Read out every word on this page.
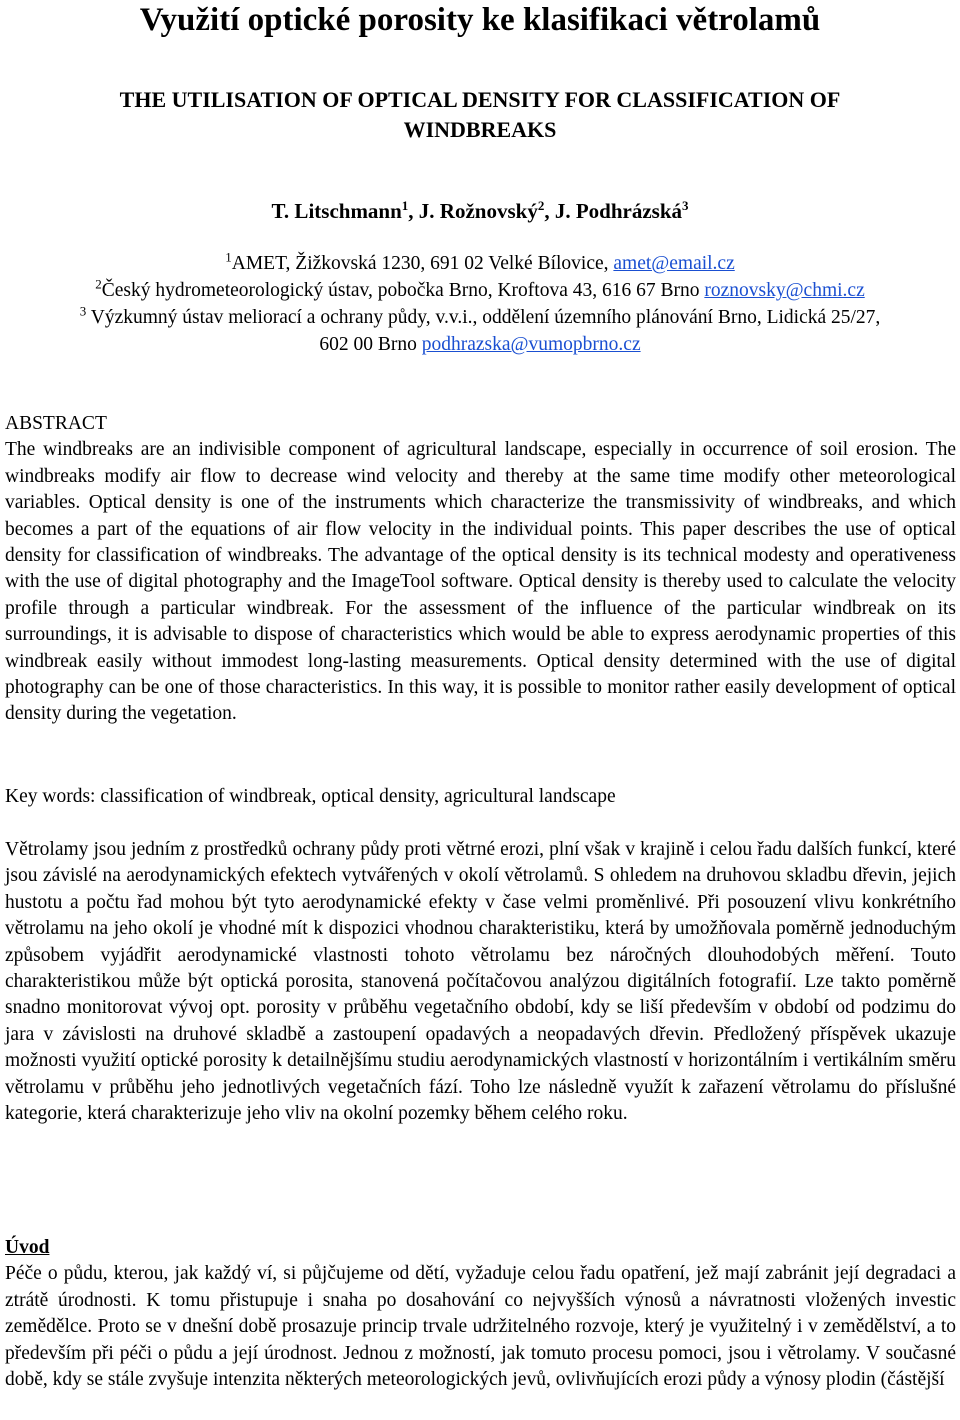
Využití optické porosity ke klasifikaci větrolamů
THE UTILISATION OF OPTICAL DENSITY FOR CLASSIFICATION OF
WINDBREAKS
T. Litschmann$^1$, J. Rožnovský$^2$, J. Podhrázská$^3$
$^1$AMET, Žižkovská 1230, 691 02 Velké Bílovice, amet@email.cz
$^2$Český hydrometeorologický ústav, pobočka Brno, Kroftova 43, 616 67 Brno roznovsky@chmi.cz
$^3$ Výzkumný ústav meliorací a ochrany půdy, v.v.i., oddělení územního plánování Brno, Lidická 25/27,
602 00 Brno podhrazska@vumopbrno.cz
ABSTRACT
The windbreaks are an indivisible component of agricultural landscape, especially in occurrence of soil erosion. The windbreaks modify air flow to decrease wind velocity and thereby at the same time modify other meteorological variables. Optical density is one of the instruments which characterize the transmissivity of windbreaks, and which becomes a part of the equations of air flow velocity in the individual points. This paper describes the use of optical density for classification of windbreaks. The advantage of the optical density is its technical modesty and operativeness with the use of digital photography and the ImageTool software. Optical density is thereby used to calculate the velocity profile through a particular windbreak. For the assessment of the influence of the particular windbreak on its surroundings, it is advisable to dispose of characteristics which would be able to express aerodynamic properties of this windbreak easily without immodest long-lasting measurements. Optical density determined with the use of digital photography can be one of those characteristics. In this way, it is possible to monitor rather easily development of optical density during the vegetation.
Key words: classification of windbreak, optical density, agricultural landscape
Větrolamy jsou jedním z prostředků ochrany půdy proti větrné erozi, plní však v krajině i celou řadu dalších funkcí, které jsou závislé na aerodynamických efektech vytvářených v okolí větrolamů. S ohledem na druhovou skladbu dřevin, jejich hustotu a počtu řad mohou být tyto aerodynamické efekty v čase velmi proměnlivé. Při posouzení vlivu konkrétního větrolamu na jeho okolí je vhodné mít k dispozici vhodnou charakteristiku, která by umožňovala poměrně jednoduchým způsobem vyjádřit aerodynamické vlastnosti tohoto větrolamu bez náročných dlouhodobých měření. Touto charakteristikou může být optická porosita, stanovená počítačovou analýzou digitálních fotografií. Lze takto poměrně snadno monitorovat vývoj opt. porosity v průběhu vegetačního období, kdy se liší především v období od podzimu do jara v závislosti na druhové skladbě a zastoupení opadavých a neopadavých dřevin. Předložený příspěvek ukazuje možnosti využití optické porosity k detailnějšímu studiu aerodynamických vlastností v horizontálním i vertikálním směru větrolamu v průběhu jeho jednotlivých vegetačních fází. Toho lze následně využít k zařazení větrolamu do příslušné kategorie, která charakterizuje jeho vliv na okolní pozemky během celého roku.
Úvod
Péče o půdu, kterou, jak každý ví, si půjčujeme od dětí, vyžaduje celou řadu opatření, jež mají zabránit její degradaci a ztrátě úrodnosti. K tomu přistupuje i snaha po dosahování co nejvyšších výnosů a návratnosti vložených investic zemědělce. Proto se v dnešní době prosazuje princip trvale udržitelného rozvoje, který je využitelný i v zemědělství, a to především při péči o půdu a její úrodnost. Jednou z možností, jak tomuto procesu pomoci, jsou i větrolamy. V současné době, kdy se stále zvyšuje intenzita některých meteorologických jevů, ovlivňujících erozi půdy a výnosy plodin (částější
